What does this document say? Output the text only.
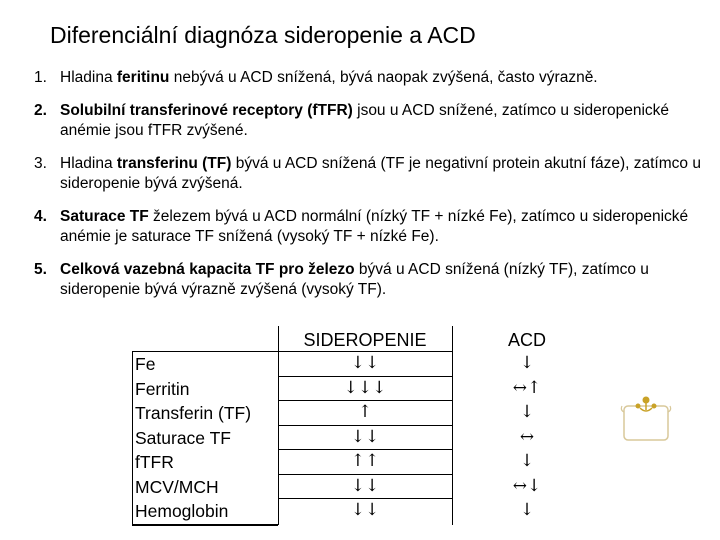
Diferenciální diagnóza sideropenie a ACD
1. Hladina feritinu nebývá u ACD snížená, bývá naopak zvýšená, často výrazně.
2. Solubilní transferinové receptory (fTFR) jsou u ACD snížené, zatímco u sideropenické anémie jsou fTFR zvýšené.
3. Hladina transferinu (TF) bývá u ACD snížená (TF je negativní protein akutní fáze), zatímco u sideropenie bývá zvýšená.
4. Saturace TF železem bývá u ACD normální (nízký TF + nízké Fe), zatímco u sideropenické anémie je saturace TF snížená (vysoký TF + nízké Fe).
5. Celková vazebná kapacita TF pro železo bývá u ACD snížená (nízký TF), zatímco u sideropenie bývá výrazně zvýšená (vysoký TF).
Fe
Ferritin
Transferin (TF)
Saturace TF
fTFR
MCV/MCH
Hemoglobin
SIDEROPENIE
↓↓
↓↓↓
↑
↓↓
↑↑
↓↓
↓↓
ACD
↓
↔↑
↓
↔
↓
↔↓
↓
